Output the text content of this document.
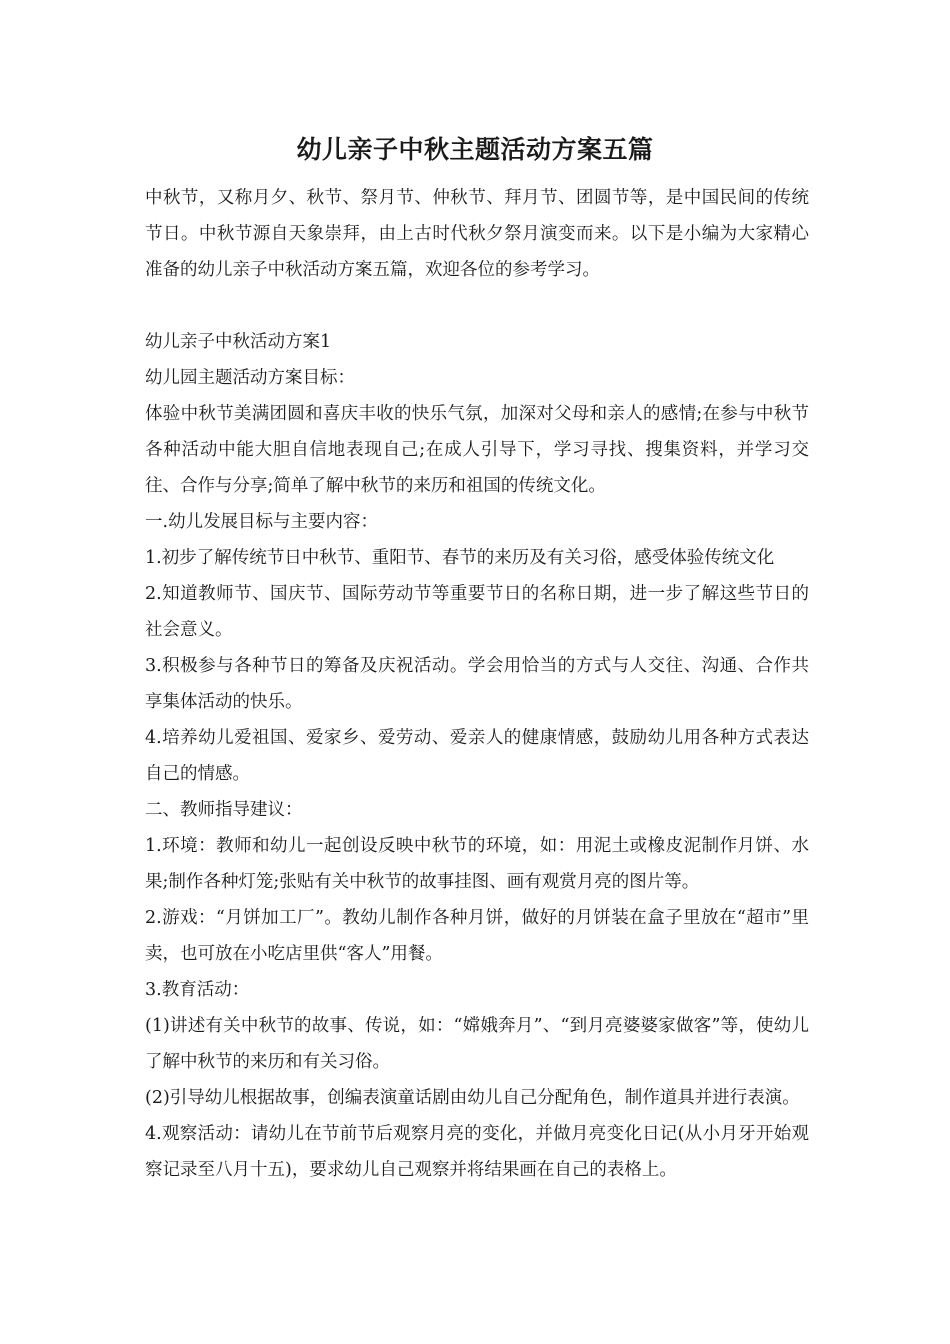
幼儿亲子中秋主题活动方案五篇

中秋节，又称月夕、秋节、祭月节、仲秋节、拜月节、团圆节等，是中国民间的传统节日。中秋节源自天象崇拜，由上古时代秋夕祭月演变而来。以下是小编为大家精心准备的幼儿亲子中秋活动方案五篇，欢迎各位的参考学习。

幼儿亲子中秋活动方案1

幼儿园主题活动方案目标：

体验中秋节美满团圆和喜庆丰收的快乐气氛，加深对父母和亲人的感情;在参与中秋节各种活动中能大胆自信地表现自己;在成人引导下，学习寻找、搜集资料，并学习交往、合作与分享;简单了解中秋节的来历和祖国的传统文化。

一.幼儿发展目标与主要内容：

1.初步了解传统节日中秋节、重阳节、春节的来历及有关习俗，感受体验传统文化

2.知道教师节、国庆节、国际劳动节等重要节日的名称日期，进一步了解这些节日的社会意义。

3.积极参与各种节日的筹备及庆祝活动。学会用恰当的方式与人交往、沟通、合作共享集体活动的快乐。

4.培养幼儿爱祖国、爱家乡、爱劳动、爱亲人的健康情感，鼓励幼儿用各种方式表达自己的情感。

二、教师指导建议：

1.环境：教师和幼儿一起创设反映中秋节的环境，如：用泥土或橡皮泥制作月饼、水果;制作各种灯笼;张贴有关中秋节的故事挂图、画有观赏月亮的图片等。

2.游戏：“月饼加工厂”。教幼儿制作各种月饼，做好的月饼装在盒子里放在“超市”里卖，也可放在小吃店里供“客人”用餐。

3.教育活动：

(1)讲述有关中秋节的故事、传说，如：“嫦娥奔月”、“到月亮婆婆家做客”等，使幼儿了解中秋节的来历和有关习俗。

(2)引导幼儿根据故事，创编表演童话剧由幼儿自己分配角色，制作道具并进行表演。

4.观察活动：请幼儿在节前节后观察月亮的变化，并做月亮变化日记(从小月牙开始观察记录至八月十五)，要求幼儿自己观察并将结果画在自己的表格上。
